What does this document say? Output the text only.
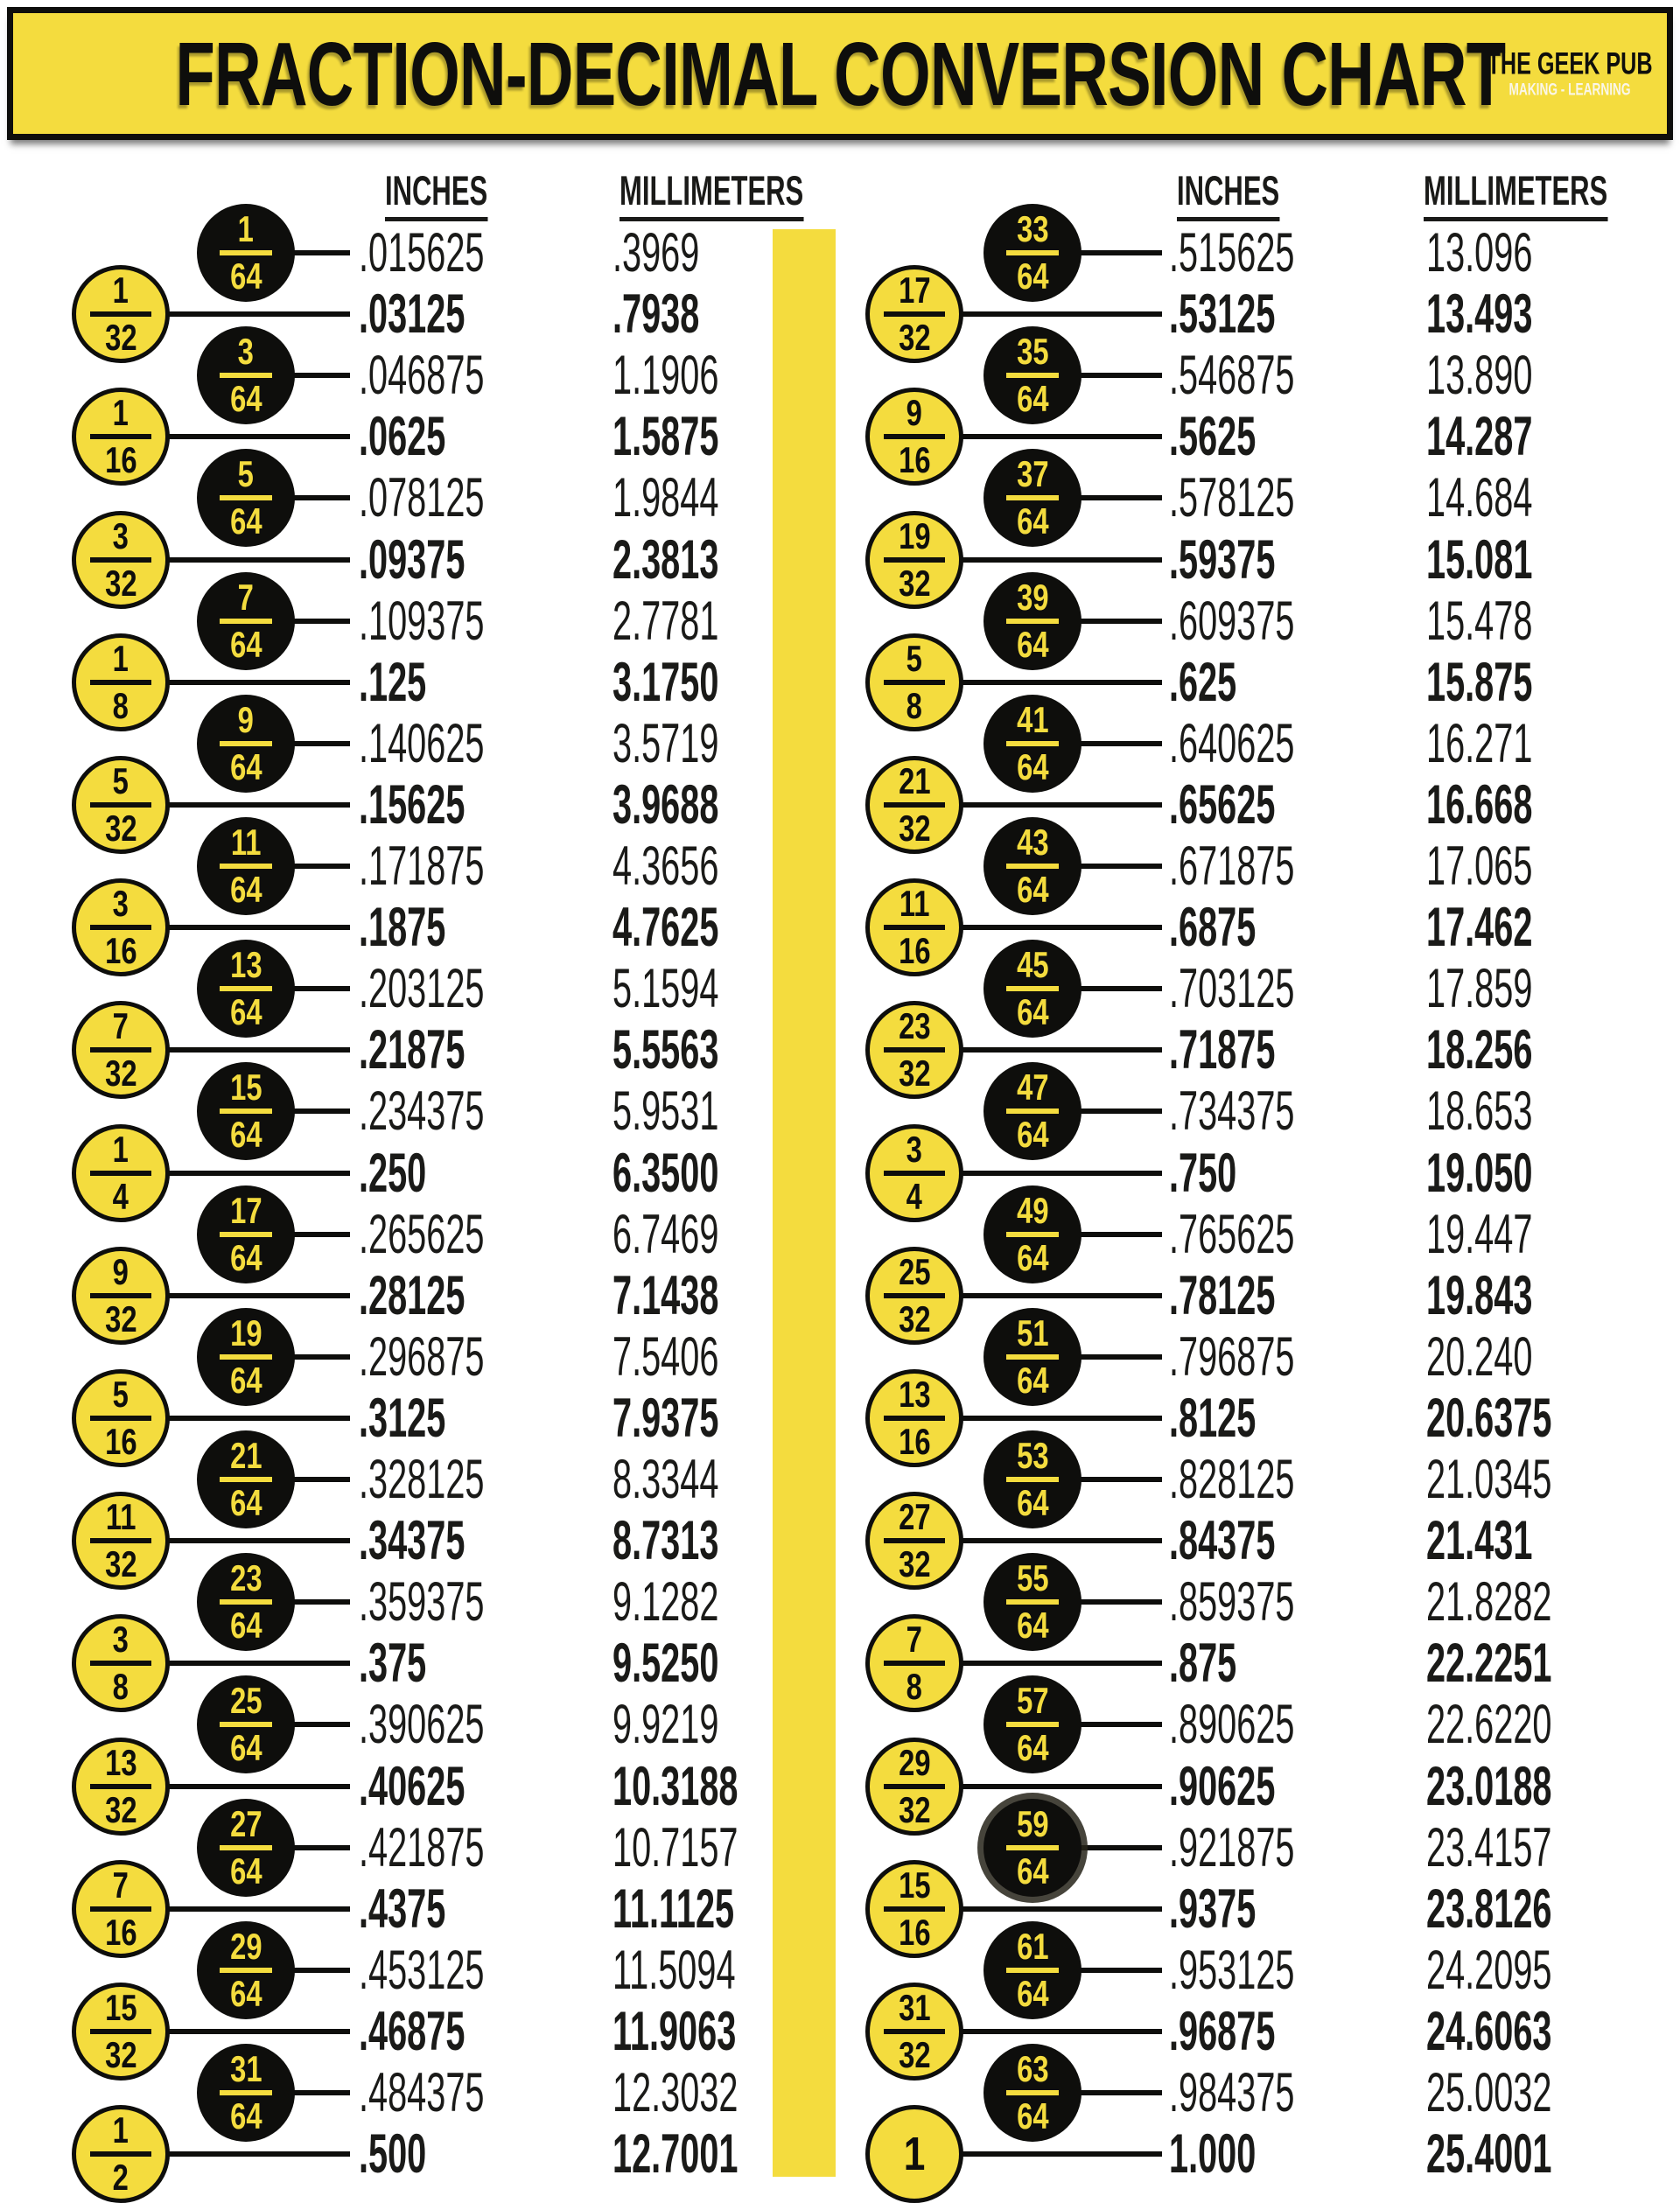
FRACTION-DECIMAL CONVERSION CHART
THE GEEK PUB
MAKING - LEARNING
INCHES	MILLIMETERS	INCHES	MILLIMETERS
1
64 .015625	.3969
1
32	.03125	.7938
3
64 .046875	1.1906
1
16	.0625	1.5875
5
64 .078125	1.9844
3
32	.09375	2.3813
7
64 .109375	2.7781
1
8	.125	3.1750
9
64 .140625	3.5719
5
32	.15625	3.9688
11
64 .171875	4.3656
3
16	.1875	4.7625
13
64 .203125	5.1594
7
32	.21875	5.5563
15
64 .234375	5.9531
1
4	.250	6.3500
17
64 .265625	6.7469
9
32	.28125	7.1438
19
64 .296875	7.5406
5
16	.3125	7.9375
21
64 .328125	8.3344
11
32	.34375	8.7313
23
64 .359375	9.1282
3
8	.375	9.5250
25
64 .390625	9.9219
13
32	.40625	10.3188
27
64 .421875	10.7157
7
16	.4375	11.1125
29
64 .453125	11.5094
15
32	.46875	11.9063
31
64 .484375	12.3032
1
2	.500	12.7001
33
64 .515625	13.096
17
32	.53125	13.493
35
64 .546875	13.890
9
16	.5625	14.287
37
64 .578125	14.684
19
32	.59375	15.081
39
64 .609375	15.478
5
8	.625	15.875
41
64 .640625	16.271
21
32	.65625	16.668
43
64 .671875	17.065
11
16	.6875	17.462
45
64 .703125	17.859
23
32	.71875	18.256
47
64 .734375	18.653
3
4	.750	19.050
49
64 .765625	19.447
25
32	.78125	19.843
51
64 .796875	20.240
13
16	.8125	20.6375
53
64 .828125	21.0345
27
32	.84375	21.431
55
64 .859375	21.8282
7
8	.875	22.2251
57
64 .890625	22.6220
29
32	.90625	23.0188
59
64 .921875	23.4157
15
16	.9375	23.8126
61
64 .953125	24.2095
31
32	.96875	24.6063
63
64 .984375	25.0032
1	1.000	25.4001
